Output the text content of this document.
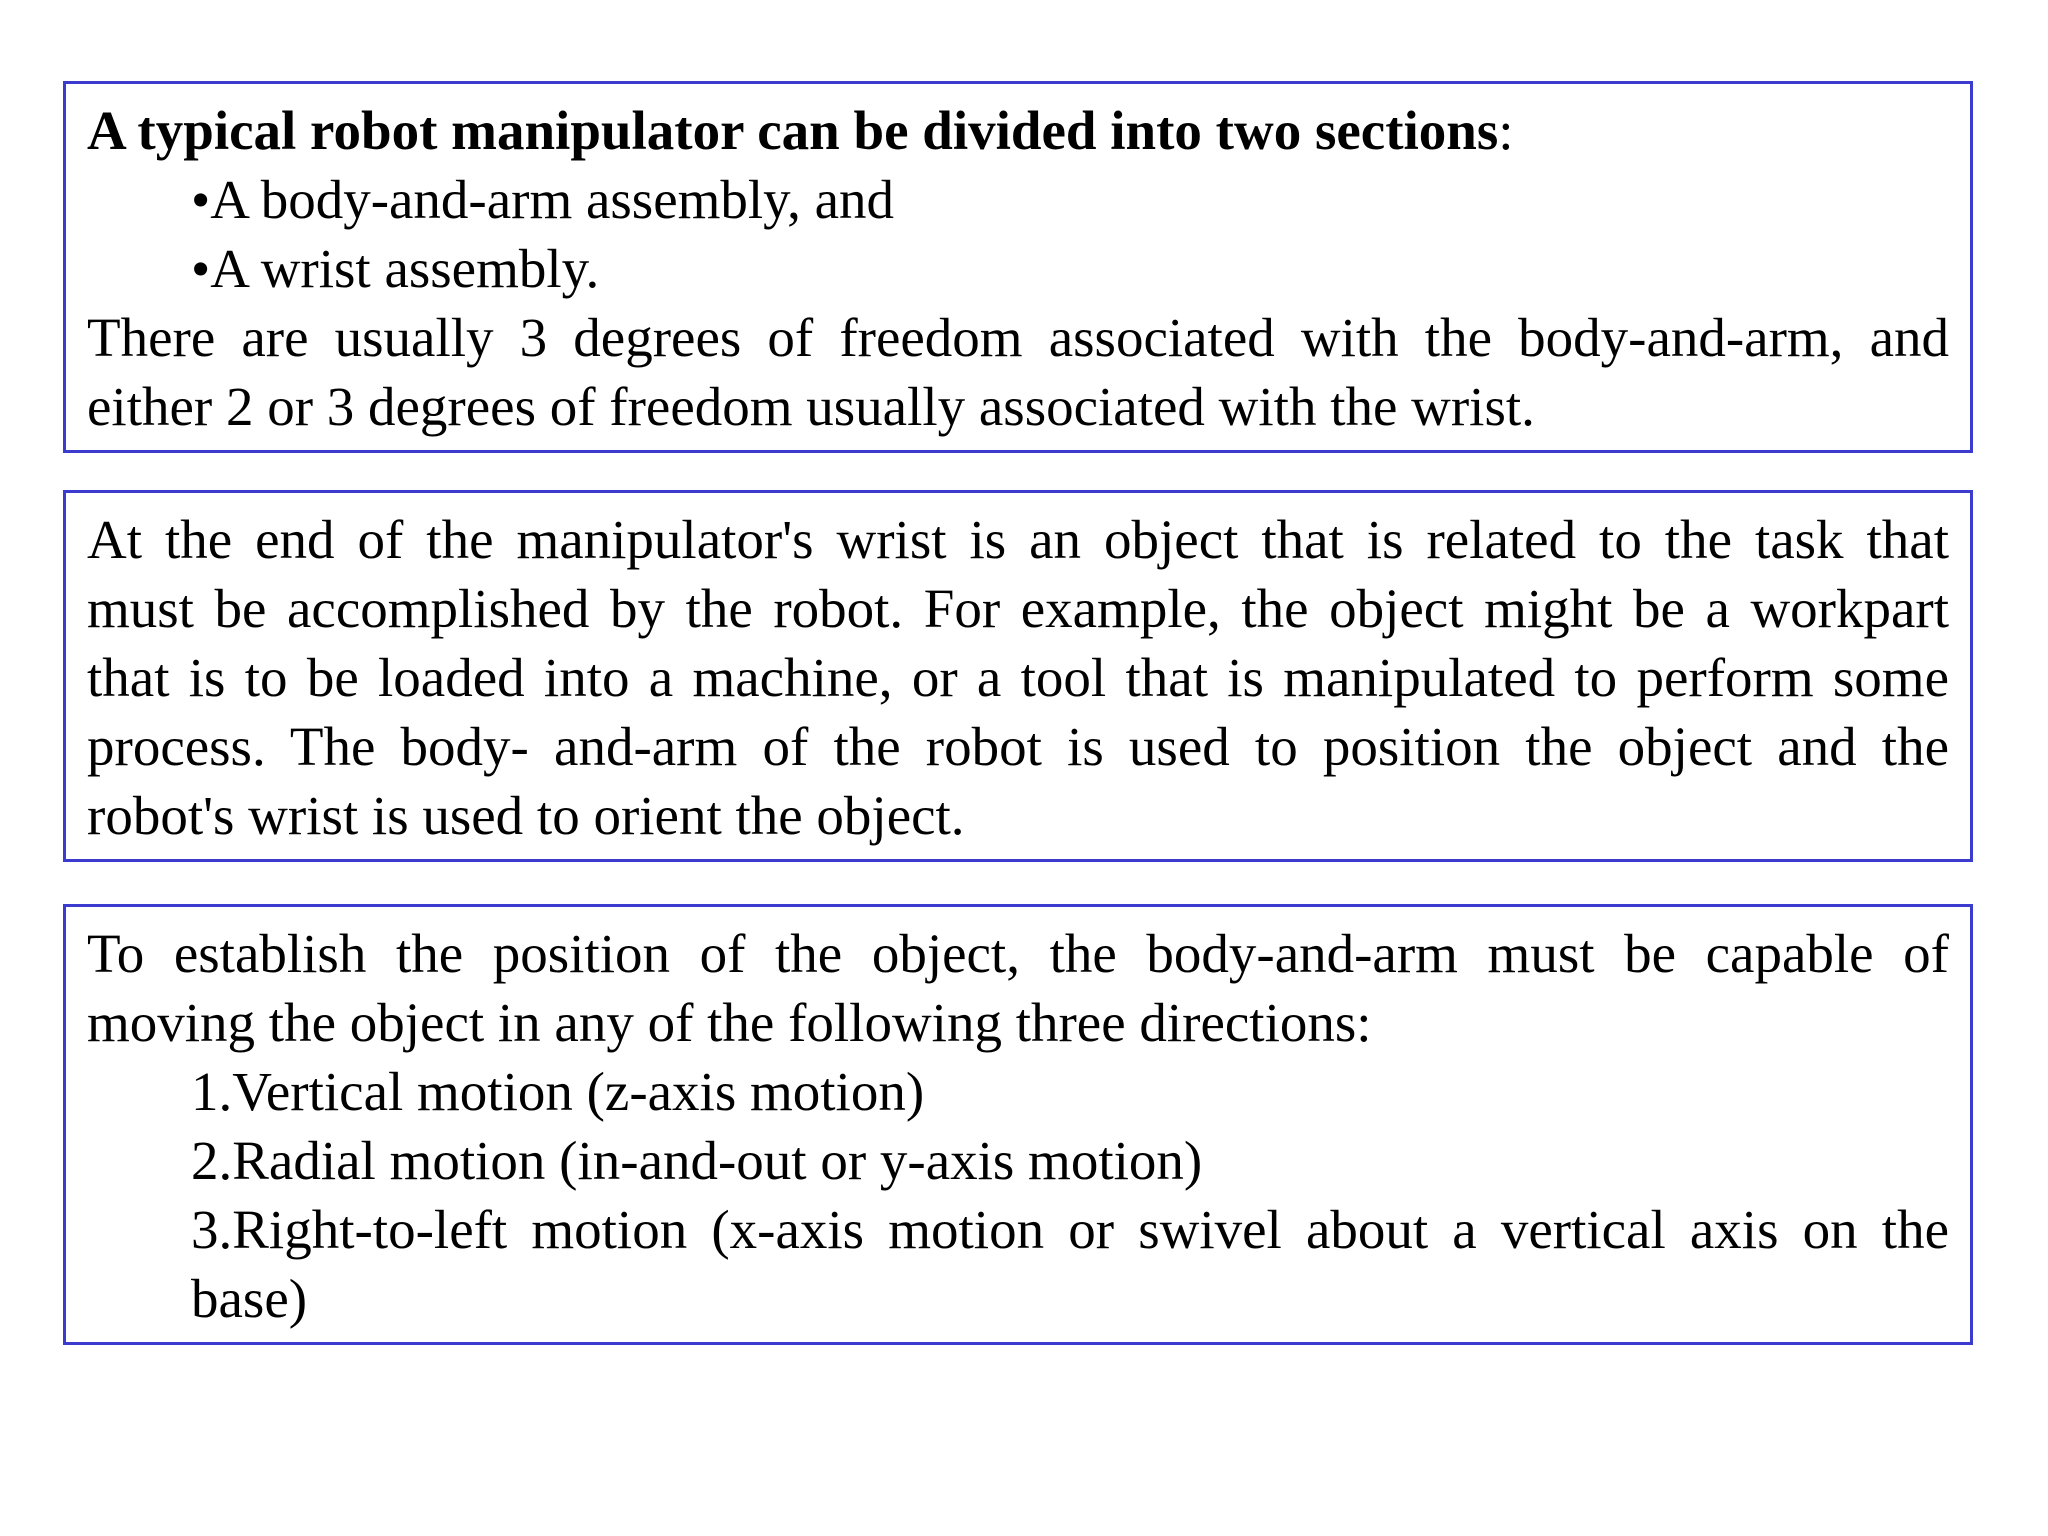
A typical robot manipulator can be divided into two sections:
•A body-and-arm assembly, and
•A wrist assembly.
There are usually 3 degrees of freedom associated with the body-and-arm, and
either 2 or 3 degrees of freedom usually associated with the wrist.
At the end of the manipulator's wrist is an object that is related to the task that
must be accomplished by the robot. For example, the object might be a workpart
that is to be loaded into a machine, or a tool that is manipulated to perform some
process. The body- and-arm of the robot is used to position the object and the
robot's wrist is used to orient the object.
To establish the position of the object, the body-and-arm must be capable of
moving the object in any of the following three directions:
1.Vertical motion (z-axis motion)
2.Radial motion (in-and-out or y-axis motion)
3.Right-to-left motion (x-axis motion or swivel about a vertical axis on the
base)
